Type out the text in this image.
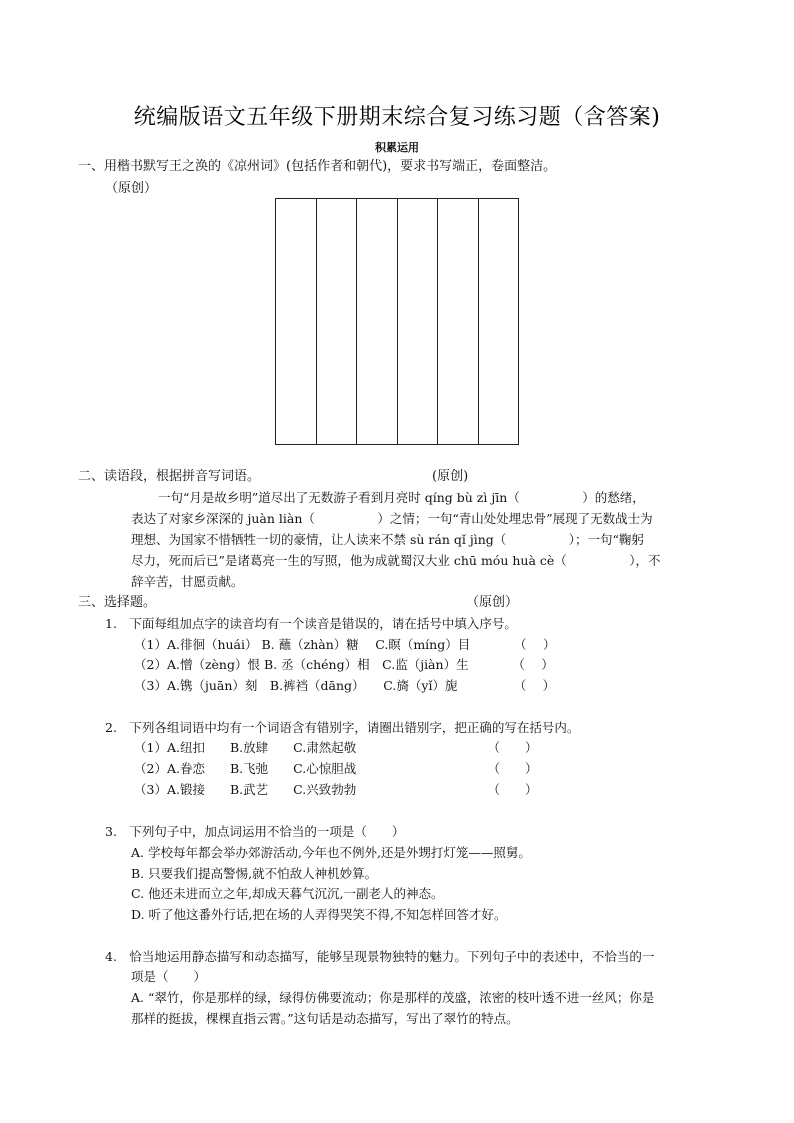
统编版语文五年级下册期末综合复习练习题（含答案)
积累运用
一、用楷书默写王之涣的《凉州词》(包括作者和朝代)，要求书写端正，卷面整洁。
（原创）
二、读语段，根据拼音写词语。	(原创)
一句“月是故乡明”道尽出了无数游子看到月亮时 qíng bù zì jīn（　　　　　）的愁绪，
表达了对家乡深深的 juàn liàn（　　　　　）之情；一句“青山处处埋忠骨”展现了无数战士为
理想、为国家不惜牺牲一切的豪情，让人读来不禁 sù rán qǐ jìng（　　　　　）；一句“鞠躬
尽力，死而后已”是诸葛亮一生的写照，他为成就蜀汉大业 chū móu huà cè（　　　　　），不
辞辛苦，甘愿贡献。
三、选择题。	（原创）
1.　下面每组加点字的读音均有一个读音是错误的，请在括号中填入序号。
（1）A.徘徊（huái） B. 蘸（zhàn）糖　 C.瞑（míng）目　　　　（　 ）
（2）A.憎（zèng）恨 B. 丞（chéng）相　C.监（jiàn）生　　　　（　 ）
（3）A.镌（juān）刻　B.裤裆（dāng）　　C.旖（yǐ）旎　　　　　（　 ）
2.　下列各组词语中均有一个词语含有错别字，请圈出错别字，把正确的写在括号内。
（1）A.纽扣　　B.放肆　　C.肃然起敬　　　　　　　　　　　（　　）
（2）A.眷恋　　B.飞弛　　C.心惊胆战　　　　　　　　　　　（　　）
（3）A.锻接　　B.武艺　　C.兴致勃勃　　　　　　　　　　　（　　）
3.　下列句子中，加点词运用不恰当的一项是（　　）
A. 学校每年都会举办郊游活动,今年也不例外,还是外甥打灯笼——照舅。
B. 只要我们提高警惕,就不怕敌人神机妙算。
C. 他还未进而立之年,却成天暮气沉沉,一副老人的神态。
D. 听了他这番外行话,把在场的人弄得哭笑不得,不知怎样回答才好。
4.　恰当地运用静态描写和动态描写，能够呈现景物独特的魅力。下列句子中的表述中，不恰当的一
项是（　　）
A. “翠竹，你是那样的绿，绿得仿佛要流动；你是那样的茂盛，浓密的枝叶透不进一丝风；你是
那样的挺拔，棵棵直指云霄。”这句话是动态描写，写出了翠竹的特点。
